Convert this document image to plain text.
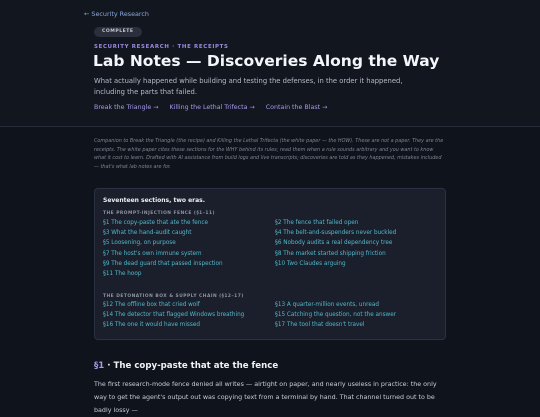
← Security Research
COMPLETE
SECURITY RESEARCH · THE RECEIPTS
Lab Notes — Discoveries Along the Way

What actually happened while building and testing the defenses, in the order it happened, including the parts that failed.

Break the Triangle → Killing the Lethal Trifecta → Contain the Blast →

Companion to Break the Triangle (the recipe) and Killing the Lethal Trifecta (the white paper — the HOW). These are not a paper. They are the receipts. The white paper cites these sections for the WHY behind its rules; read them when a rule sounds arbitrary and you want to know what it cost to learn. Drafted with AI assistance from build logs and live transcripts; discoveries are told as they happened, mistakes included — that's what lab notes are for.

Seventeen sections, two eras.
THE PROMPT-INJECTION FENCE (§1–11)
§1 The copy-paste that ate the fence
§3 What the hand-audit caught
§5 Loosening, on purpose
§7 The host's own immune system
§9 The dead guard that passed inspection
§11 The hoop
§2 The fence that failed open
§4 The belt-and-suspenders never buckled
§6 Nobody audits a real dependency tree
§8 The market started shipping friction
§10 Two Claudes arguing
THE DETONATION BOX & SUPPLY CHAIN (§12–17)
§12 The offline box that cried wolf
§14 The detector that flagged Windows breathing
§16 The one it would have missed
§13 A quarter-million events, unread
§15 Catching the question, not the answer
§17 The tool that doesn't travel
§1 · The copy-paste that ate the fence

The first research-mode fence denied all writes — airtight on paper, and nearly useless in practice: the only way to get the agent's output out was copying text from a terminal by hand. That channel turned out to be badly lossy —
